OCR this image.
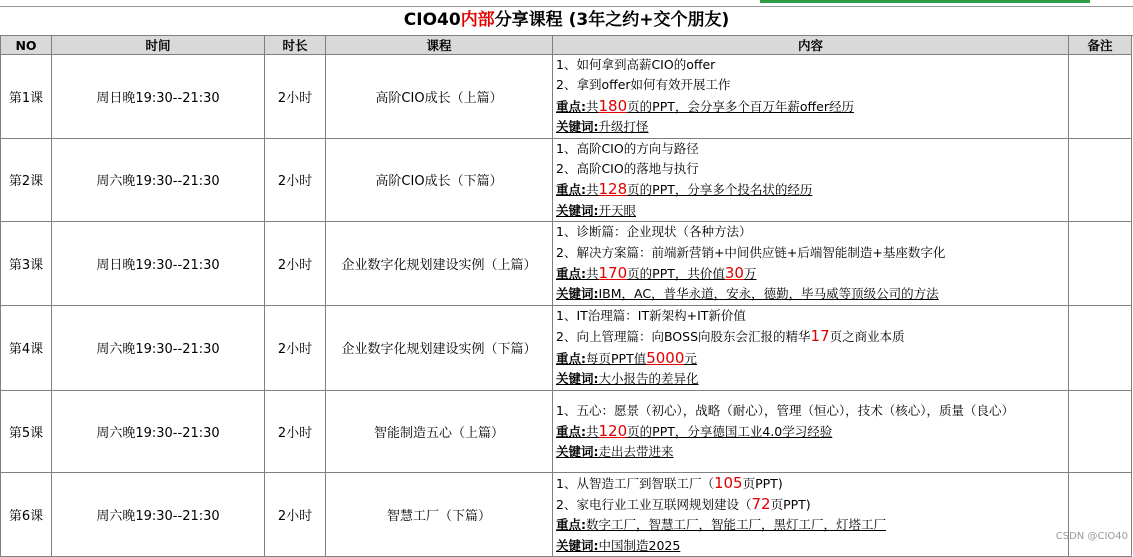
CIO40内部分享课程 (3年之约+交个朋友)
NO	时间	时长	课程	内容	备注
第1课	周日晚19:30--21:30	2小时	高阶CIO成长（上篇）	1、如何拿到高薪CIO的offer
2、拿到offer如何有效开展工作
重点:共180页的PPT，会分享多个百万年薪offer经历
关键词:升级打怪	

第2课	周六晚19:30--21:30	2小时	高阶CIO成长（下篇）	1、高阶CIO的方向与路径
2、高阶CIO的落地与执行
重点:共128页的PPT，分享多个投名状的经历
关键词:开天眼	

第3课	周日晚19:30--21:30	2小时	企业数字化规划建设实例（上篇）	1、诊断篇：企业现状（各种方法）
2、解决方案篇：前端新营销+中间供应链+后端智能制造+基座数字化
重点:共170页的PPT，共价值30万
关键词:IBM，AC，普华永道，安永，德勤，毕马威等顶级公司的方法	

第4课	周六晚19:30--21:30	2小时	企业数字化规划建设实例（下篇）	1、IT治理篇：IT新架构+IT新价值
2、向上管理篇：向BOSS向股东会汇报的精华17页之商业本质
重点:每页PPT值5000元
关键词:大小报告的差异化	

第5课	周六晚19:30--21:30	2小时	智能制造五心（上篇）	1、五心：愿景（初心），战略（耐心），管理（恒心），技术（核心），质量（良心）
重点:共120页的PPT，分享德国工业4.0学习经验
关键词:走出去带进来	

第6课	周六晚19:30--21:30	2小时	智慧工厂（下篇）	1、从智造工厂到智联工厂（105页PPT)
2、家电行业工业互联网规划建设（72页PPT)
重点:数字工厂，智慧工厂，智能工厂，黑灯工厂，灯塔工厂
关键词:中国制造2025	

CSDN @CIO40
